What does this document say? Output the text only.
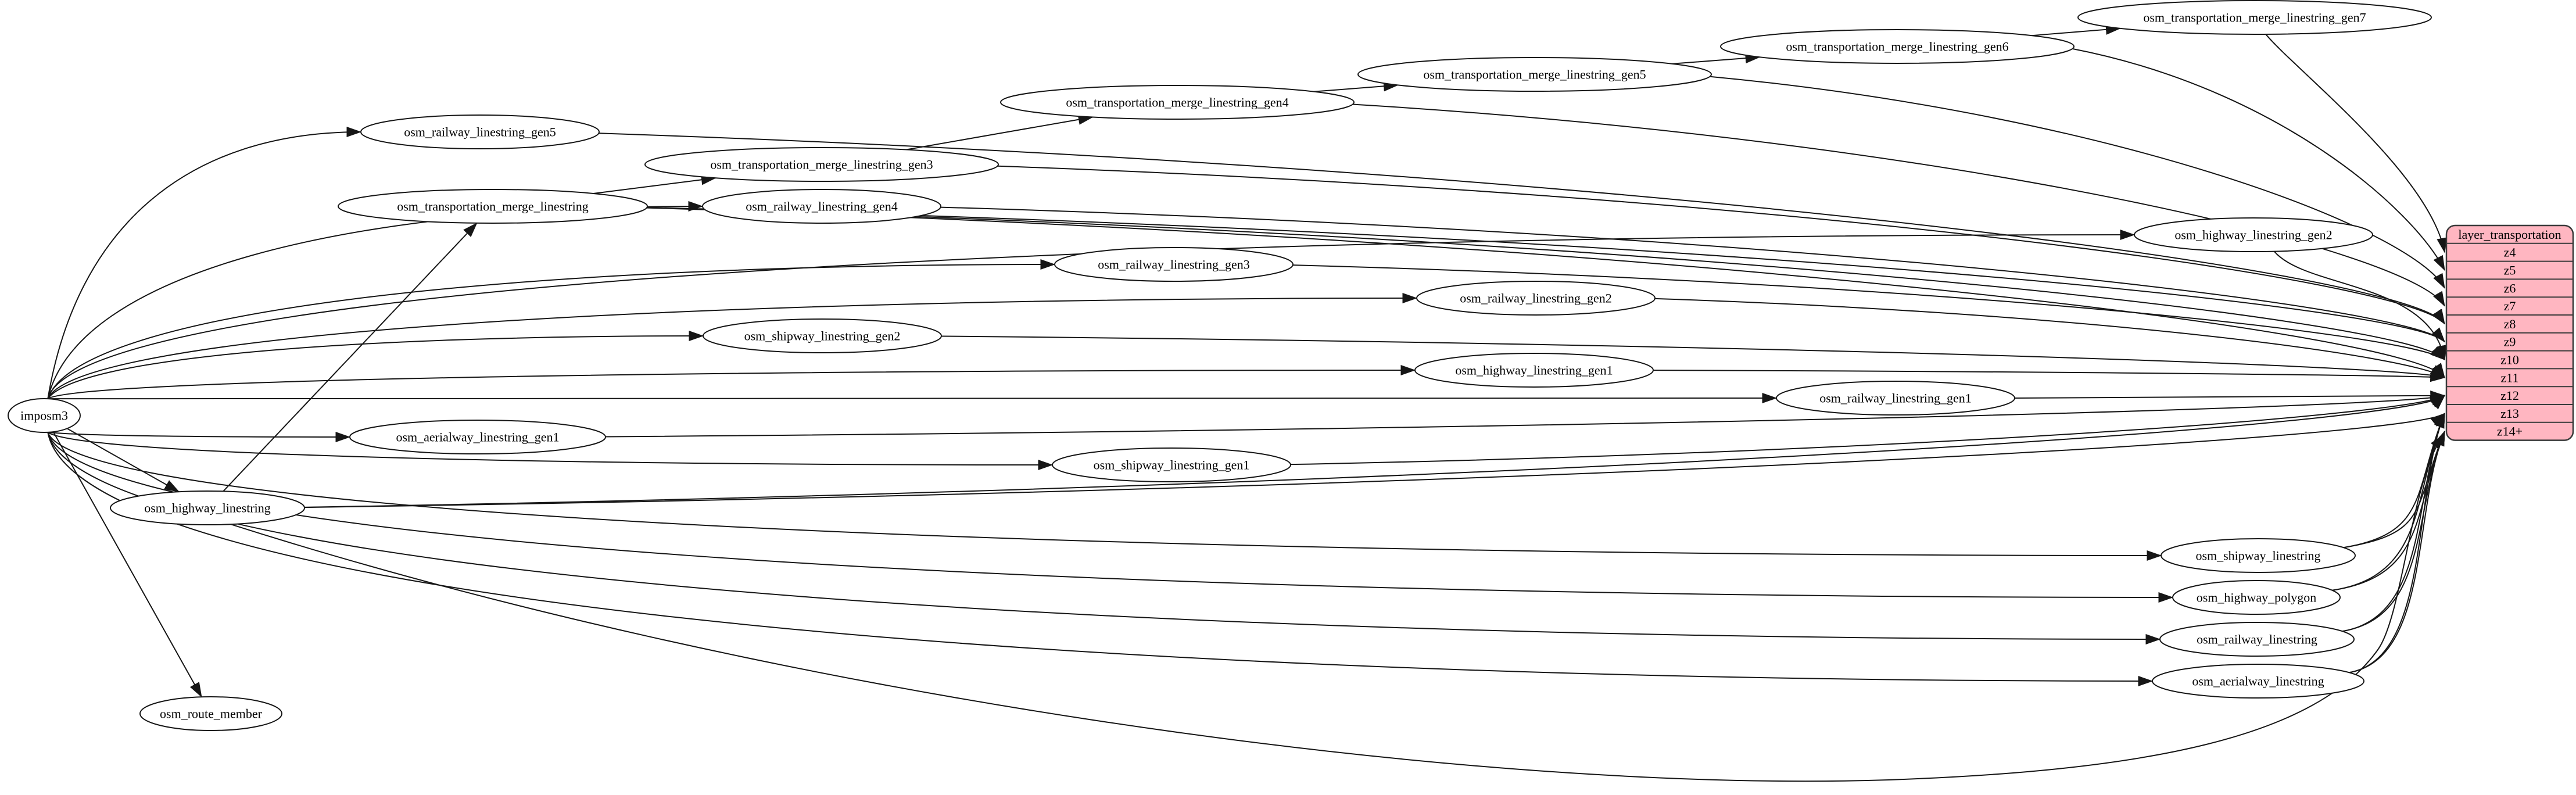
imposm3
osm_railway_linestring_gen5
osm_transportation_merge_linestring_gen3
osm_transportation_merge_linestring	osm_railway_linestring_gen4
osm_transportation_merge_linestring_gen4
osm_transportation_merge_linestring_gen5
osm_transportation_merge_linestring_gen6
osm_transportation_merge_linestring_gen7
osm_highway_linestring_gen2
osm_railway_linestring_gen3
osm_railway_linestring_gen2
osm_shipway_linestring_gen2
osm_highway_linestring_gen1
osm_railway_linestring_gen1
osm_aerialway_linestring_gen1
osm_shipway_linestring_gen1
osm_highway_linestring
osm_shipway_linestring
osm_highway_polygon
osm_railway_linestring
osm_aerialway_linestring
osm_route_member
layer_transportation
z4
z5
z6
z7
z8
z9
z10
z11
z12
z13
z14+
